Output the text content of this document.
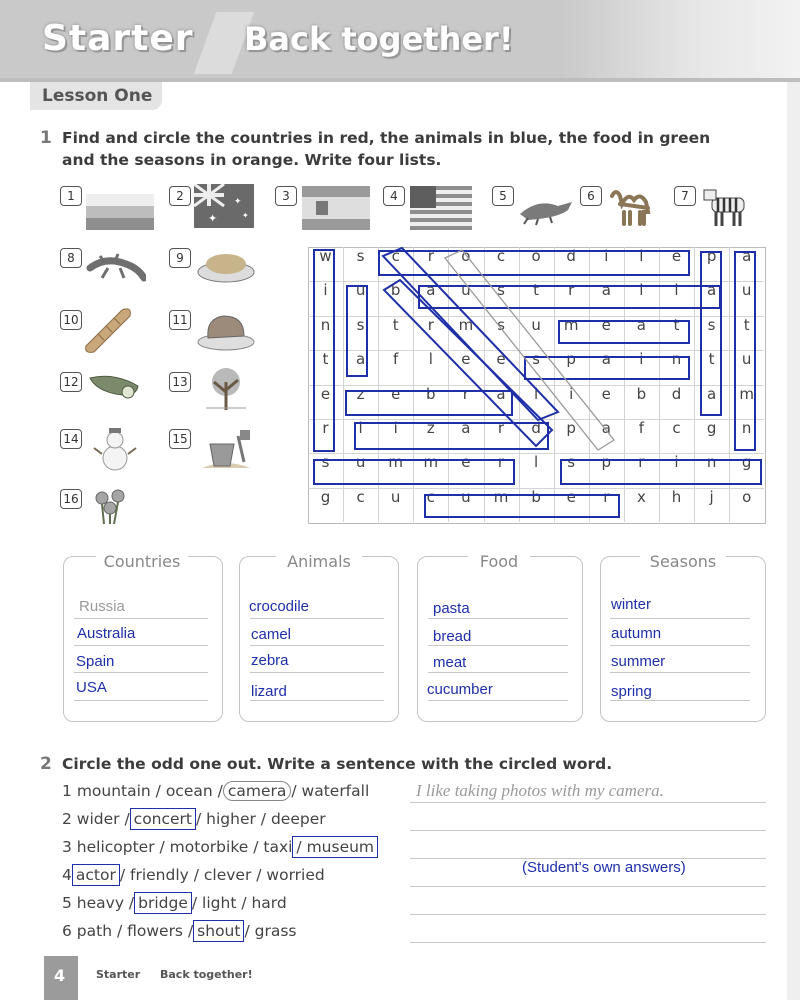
Starter Back together!
Lesson One
1 Find and circle the countries in red, the animals in blue, the food in green
and the seasons in orange. Write four lists.
1	2	3	4	5	6	7
8	9
10	11
12	13
14	15
16
✦
✦
✦
w	s	c	r	o	c	o	d	i	l	e	p	a
i	u	b	a	u	s	t	r	a	l	i	a	u
n	s	t	r	m	s	u	m	e	a	t	s	t
t	a	f	l	e	e	s	p	a	i	n	t	u
e	z	e	b	r	a	l	i	e	b	d	a	m
r	l	i	z	a	r	d	p	a	f	c	g	n
s	u	m	m	e	r	l	s	p	r	i	n	g
g	c	u	c	u	m	b	e	r	x	h	j	o
Countries	Animals	Food	Seasons
Russia
Australia
Spain
USA
crocodile
camel
zebra
lizard
pasta
bread
meat
cucumber
winter
autumn
summer
spring
2 Circle the odd one out. Write a sentence with the circled word.
1 mountain / ocean / camera / waterfall
2 wider / concert / higher / deeper
3 helicopter / motorbike / taxi / museum
4 actor / friendly / clever / worried
5 heavy / bridge / light / hard
6 path / flowers / shout / grass
I like taking photos with my camera.
(Student's own answers)
4	Starter Back together!
